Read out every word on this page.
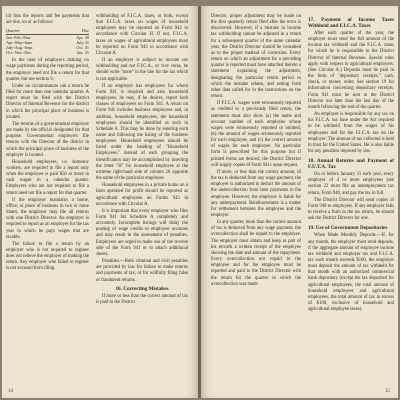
(4) lists the reports and fee payments that are due, on or as follows:

Quarter	Due
Jan.-Feb.-Mar.	Apr. 30
Apr.-May-June	July 31
July-Aug.-Sept.	Oct. 31
Oct.-Nov.-Dec.	Jan. 31

In the case of employers making no wage payments during the reporting period, the employer need not file a return for that quarter, but see section 9.

Under no circumstances can a return be filed for more than one calendar quarter. A report must be filed with the District Director of Internal Revenue for the district in which the principal place of business is located.

The returns of a governmental employer are made by the official designated for that purpose. Governmental employers file returns with the Director of the district in which the principal place of business of the employer is located.

Household employees, i.e. domestic workers, are required to file a report only when the employee is paid $50 or more in cash wages in a calendar quarter. Employers who are not required to file a return need not file a report for that quarter.

If the employer maintains a home, office, or place of business in two or more States, the employer may file all returns with one District Director. An employer is required to report as an employer for the tax year in which he pays wages that are taxable.

The failure to file a return by an employer who is not required to register does not relieve the employer of making the return. Any employer who failed to register is not excused from filing.

withholding of F.I.C.A. taxes, or both, except that F.I.C.A. taxes on wages of household employees may be reported on Form 942 in accordance with Circular H. If not, F.I.C.A. taxes on wages of agricultural employees must be reported on Form 943 in accordance with Circular A.

If an employer is subject to income tax withholding and not F.I.C.A., or vice versa, he should write "none" in the line for the tax which is not applicable.

If an employer has employees for whom Form 941 is required and also household employees, he may, if he desires, report both classes of employees on Form 941. A return on Form 941 includes business employees and, in addition, household employees, the household employees should be identified as such in Schedule A. This may be done by entering each name and following the listing of the business employees. Household employees should be listed under the heading of "Household Employees," instead of each grouping the identification may be accomplished by inserting the letter "H" for household employee at the extreme right-hand side of column 20 opposite the name of the particular employee.

Household employees in a private home on a farm operated for profit should be reported as agricultural employees on Forms 943 in accordance with Circular A.

It is important that every employer who files Form 941 list Schedule A completely and accurately. Incomplete listings will delay the posting of wage credits to employee accounts and may result in the assessment of penalties. Employers are urged to make use of the reverse side of the Form 941 or to attach additional sheets.

Penalties.—Both criminal and civil penalties are provided by law for failure to make returns and payments of tax, or for willfully filing false or fraudulent returns.

16. Correcting Mistakes

If more or less than the correct amount of tax is paid to the District

14

Director, proper adjustment may be made on the first quarterly return filed after the error is discovered. However, if a mistake in income tax withholding cannot be adjusted in a return for a subsequent quarter of the same calendar year, the District Director should be consulted as to the proper method of correction. Every return on which an adjustment for a preceding quarter is reported must have attached thereto a statement explaining the adjustment, designating the particular return period to which the mistake relates, and setting forth other data called for in the instructions on the return.

If F.I.C.A. wages were erroneously reported as credited to a previously filed return, the statement must also show (a) the name and account number of each employee whose wages were erroneously reported or omitted, (b) the amount of wages erroneously reported for each employee, and (c) the correct amount of wages for each employee. No particular form is prescribed for this purpose but if printed forms are desired, the District Director will supply copies of Form 941c upon request.

If more, or less than the correct amount, of the tax is deducted from any wage payment, the employer is authorized to deduct the amount of the undercollection from later payments to the employee. However, the employer is liable for any underpayment. Reimbursement is a matter for settlement between the employee and the employer.

In any quarter, more than the correct amount of tax is deducted from any wage payment, the overcollection shall be repaid to the employee. The employer must obtain and keep as part of his records a written receipt of the employee showing the date and amount of the repayment. Every overcollection not repaid to the employee and for the employee must be reported and paid to the District Director with the return for the quarter in which the overcollection was made.

17. Payment of Income Taxes Withheld and F.I.C.A. Taxes

After each quarter of the year, the employer must send the full amount of the income tax withheld and the F.I.C.A. taxes for which he is responsible to the District Director of Internal Revenue. Special rules apply with respect to agricultural employers. (See Circular A.) Deposits must be paid in the form of "depositary receipts," cash, check, or money order. See section 19 for information concerning depositary receipts. Form 941 must be sent to the District Director not later than the last day of the month following the end of the quarter.

An employer is responsible for any tax on his F.I.C.A. tax base under the Act required to be withheld from the wages of his employees and for the F.I.C.A. tax on the employer. The amount of tax collected is held in trust for the United States. He is also liable for any penalties imposed by law.

18. Annual Returns and Payment of F.U.T.A. Tax

On or before January 31 each year, every employer of 4 or more employees (see section 22 must file an unemployment tax return, Form 940, and pay the tax in full.

The District Director will send copies of Form 940 to employers. If any employer fails to receive a form in the tax return, he should ask the District Director for one.

19. Use of Government Depositaries

When Made Monthly Deposits.—If, for any month, the employer must send deposits, if the aggregate amount of employee income tax withheld and employer tax and F.I.C.A. tax each month exceeds $100, the employer must deposit the amount of tax withheld for that month with an authorized commercial bank depositary (except the tax deposited for agricultural employees, the total amount of household employees and agricultural employees, the total amount of tax in excess of $100, exclusive of household and agricultural employee taxes).

15
